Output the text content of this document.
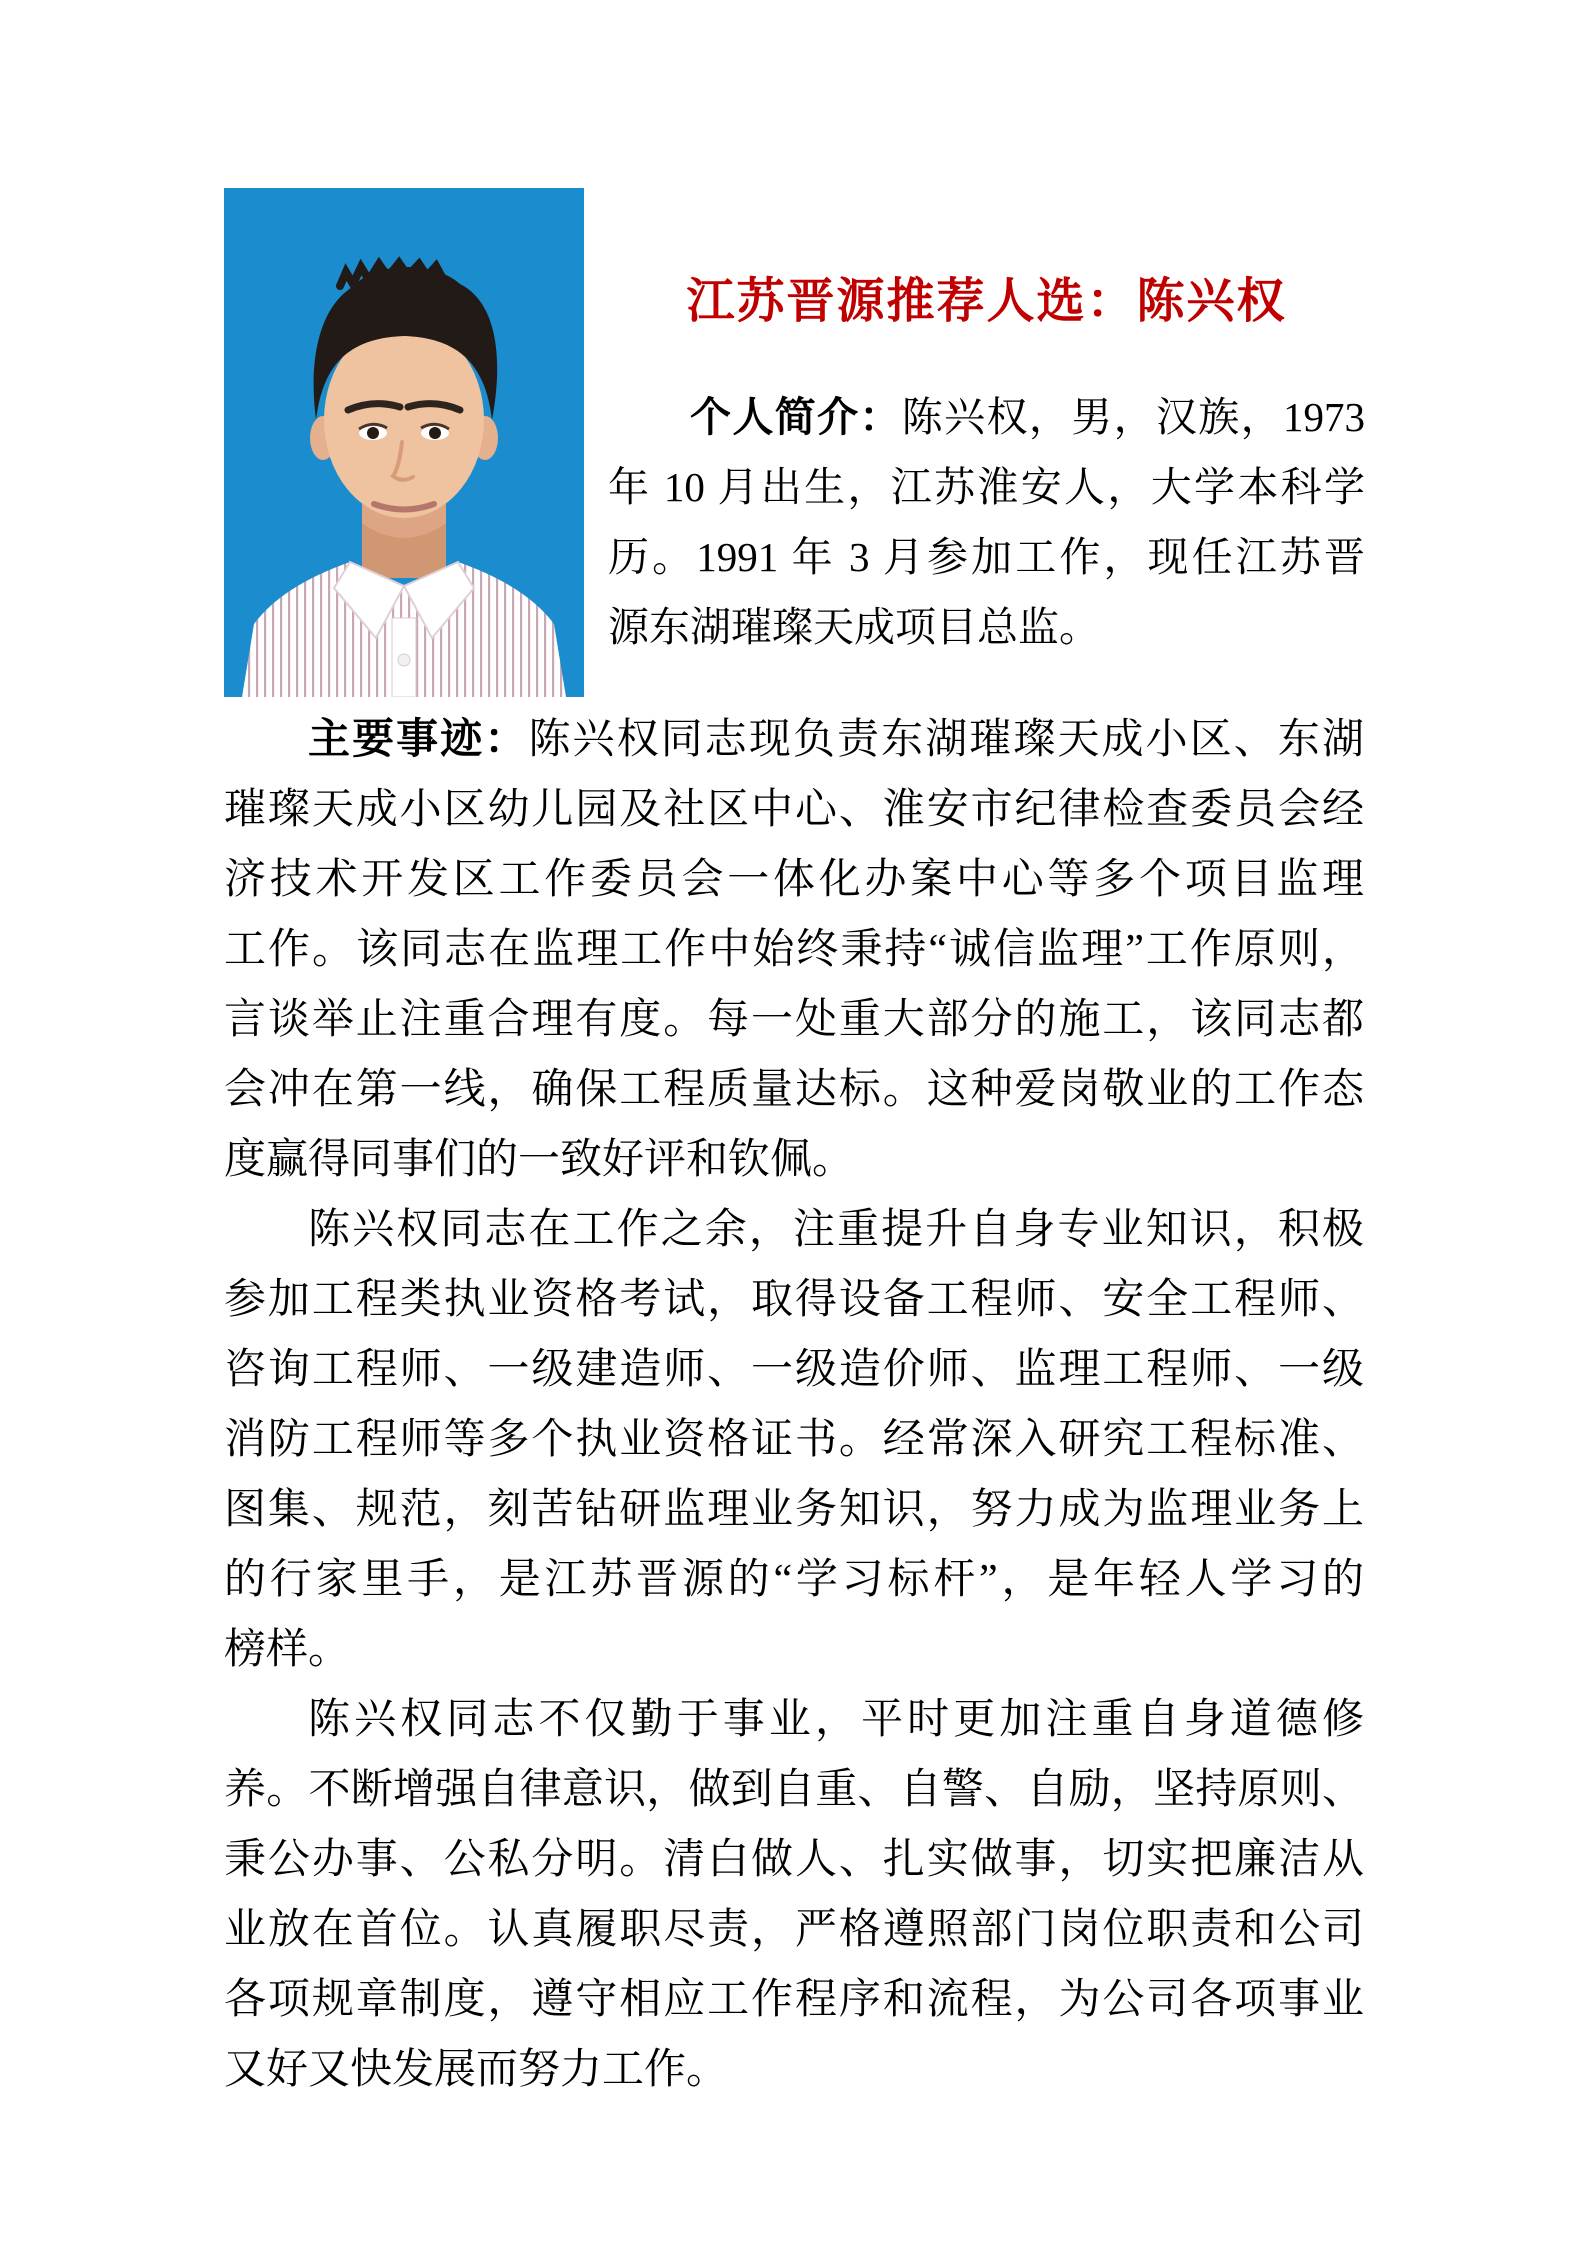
江苏晋源推荐人选：陈兴权
个人简介：陈兴权，男，汉族，1973
年 10 月出生，江苏淮安人，大学本科学
历。1991 年 3 月参加工作，现任江苏晋
源东湖璀璨天成项目总监。
主要事迹：陈兴权同志现负责东湖璀璨天成小区、东湖
璀璨天成小区幼儿园及社区中心、淮安市纪律检查委员会经
济技术开发区工作委员会一体化办案中心等多个项目监理
工作。该同志在监理工作中始终秉持“诚信监理”工作原则，
言谈举止注重合理有度。每一处重大部分的施工，该同志都
会冲在第一线，确保工程质量达标。这种爱岗敬业的工作态
度赢得同事们的一致好评和钦佩。
陈兴权同志在工作之余，注重提升自身专业知识，积极
参加工程类执业资格考试，取得设备工程师、安全工程师、
咨询工程师、一级建造师、一级造价师、监理工程师、一级
消防工程师等多个执业资格证书。经常深入研究工程标准、
图集、规范，刻苦钻研监理业务知识，努力成为监理业务上
的行家里手，是江苏晋源的“学习标杆”，是年轻人学习的
榜样。
陈兴权同志不仅勤于事业，平时更加注重自身道德修
养。不断增强自律意识，做到自重、自警、自励，坚持原则、
秉公办事、公私分明。清白做人、扎实做事，切实把廉洁从
业放在首位。认真履职尽责，严格遵照部门岗位职责和公司
各项规章制度，遵守相应工作程序和流程，为公司各项事业
又好又快发展而努力工作。
